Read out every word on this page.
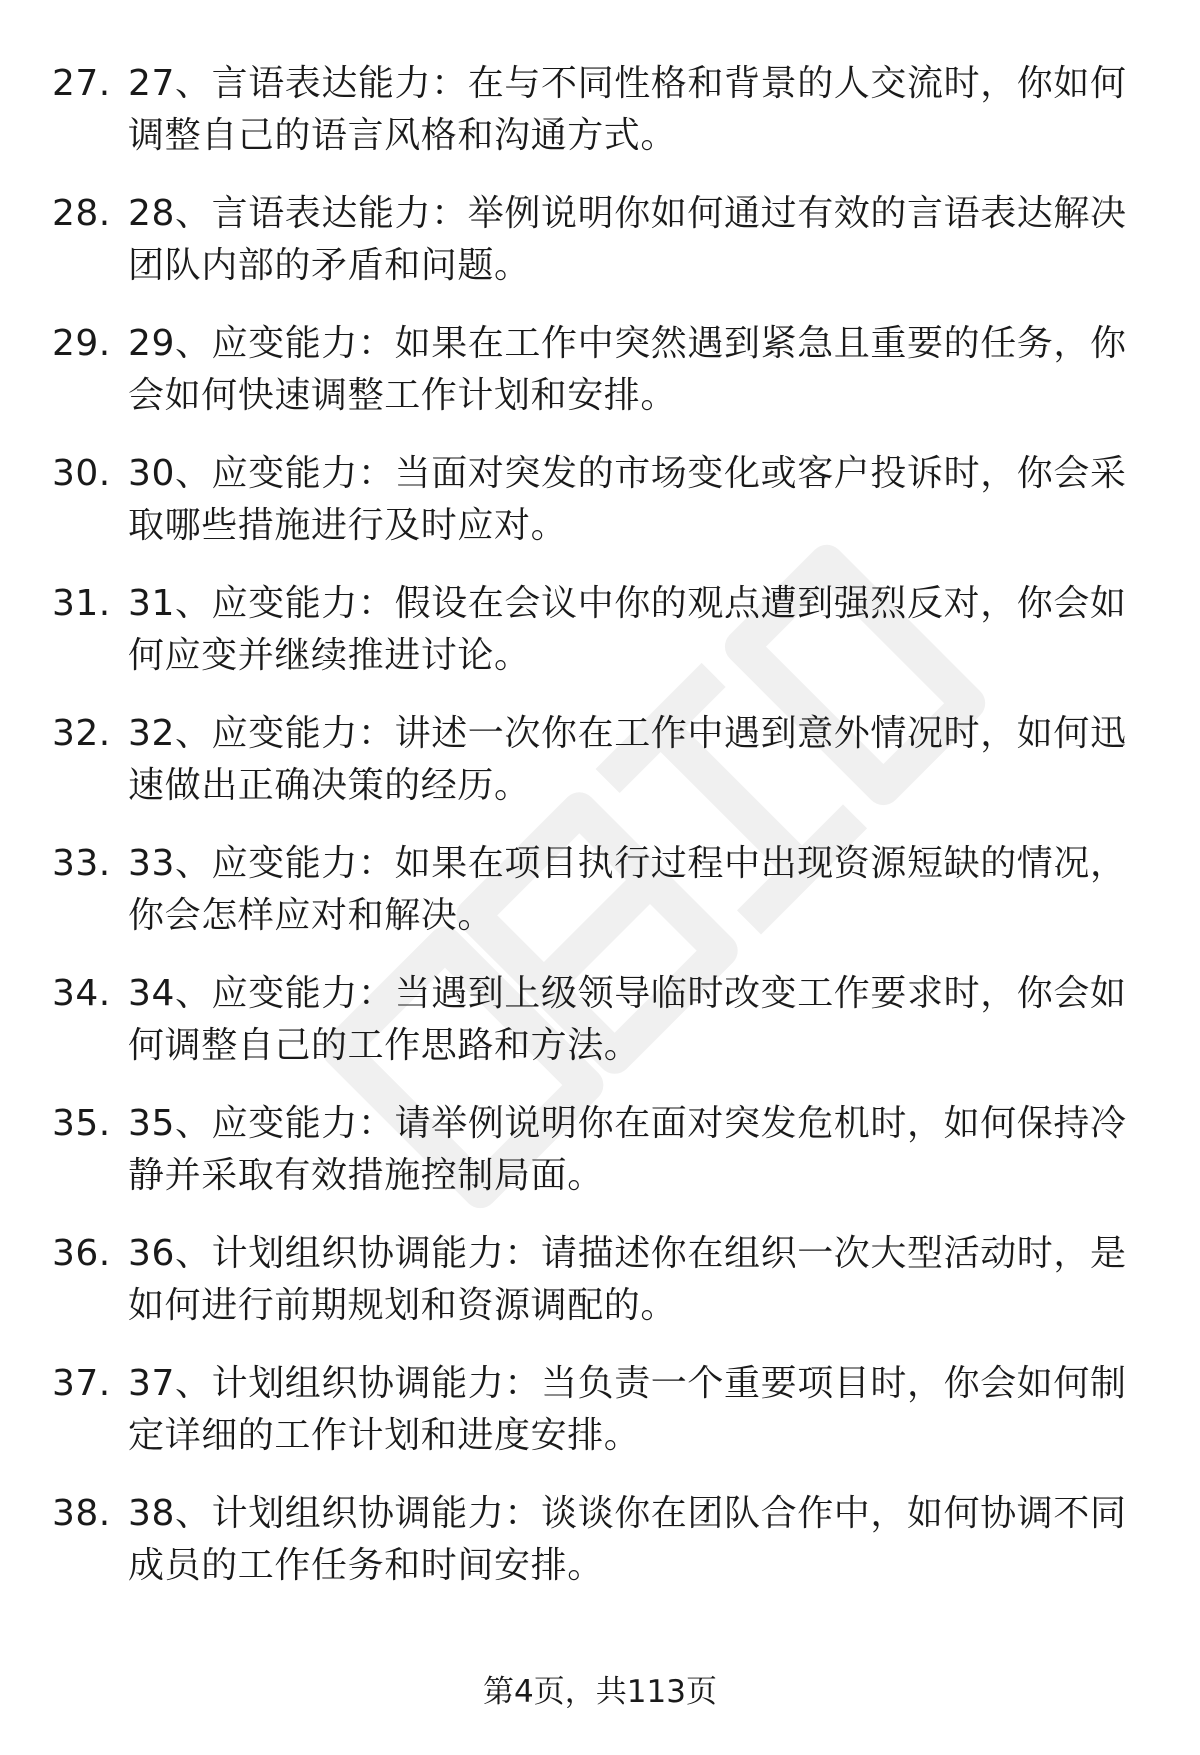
27. 27、言语表达能力：在与不同性格和背景的人交流时，你如何调整自己的语言风格和沟通方式。
28. 28、言语表达能力：举例说明你如何通过有效的言语表达解决团队内部的矛盾和问题。
29. 29、应变能力：如果在工作中突然遇到紧急且重要的任务，你会如何快速调整工作计划和安排。
30. 30、应变能力：当面对突发的市场变化或客户投诉时，你会采取哪些措施进行及时应对。
31. 31、应变能力：假设在会议中你的观点遭到强烈反对，你会如何应变并继续推进讨论。
32. 32、应变能力：讲述一次你在工作中遇到意外情况时，如何迅速做出正确决策的经历。
33. 33、应变能力：如果在项目执行过程中出现资源短缺的情况，你会怎样应对和解决。
34. 34、应变能力：当遇到上级领导临时改变工作要求时，你会如何调整自己的工作思路和方法。
35. 35、应变能力：请举例说明你在面对突发危机时，如何保持冷静并采取有效措施控制局面。
36. 36、计划组织协调能力：请描述你在组织一次大型活动时，是如何进行前期规划和资源调配的。
37. 37、计划组织协调能力：当负责一个重要项目时，你会如何制定详细的工作计划和进度安排。
38. 38、计划组织协调能力：谈谈你在团队合作中，如何协调不同成员的工作任务和时间安排。
第4页，共113页
